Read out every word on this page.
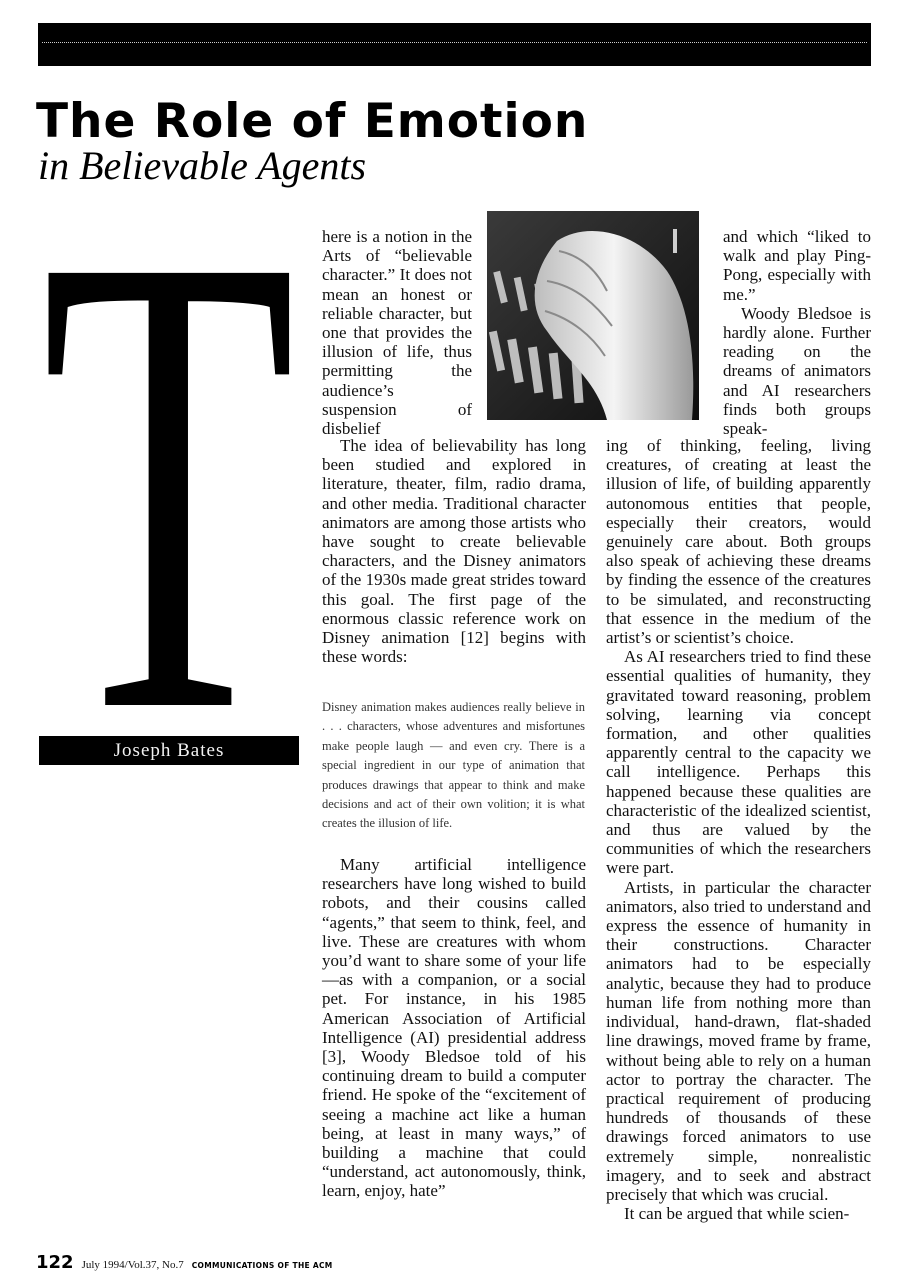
The Role of Emotion
in Believable Agents
T
Joseph Bates

here is a notion in the Arts of “believable character.” It does not mean an honest or reliable character, but one that provides the illusion of life, thus permitting the audience’s suspension of disbelief

The idea of believability has long been studied and explored in literature, theater, film, radio drama, and other media. Traditional character animators are among those artists who have sought to create believable characters, and the Disney animators of the 1930s made great strides toward this goal. The first page of the enormous classic reference work on Disney animation [12] begins with these words:

Disney animation makes audiences really believe in . . . characters, whose adventures and misfortunes make people laugh — and even cry. There is a special ingredient in our type of animation that produces drawings that appear to think and make decisions and act of their own volition; it is what creates the illusion of life.

Many artificial intelligence researchers have long wished to build robots, and their cousins called “agents,” that seem to think, feel, and live. These are creatures with whom you’d want to share some of your life—as with a companion, or a social pet. For instance, in his 1985 American Association of Artificial Intelligence (AI) presidential address [3], Woody Bledsoe told of his continuing dream to build a computer friend. He spoke of the “excitement of seeing a machine act like a human being, at least in many ways,” of building a machine that could “understand, act autonomously, think, learn, enjoy, hate”

and which “liked to walk and play Ping-Pong, especially with me.”

Woody Bledsoe is hardly alone. Further reading on the dreams of animators and AI researchers finds both groups speak-

ing of thinking, feeling, living creatures, of creating at least the illusion of life, of building apparently autonomous entities that people, especially their creators, would genuinely care about. Both groups also speak of achieving these dreams by finding the essence of the creatures to be simulated, and reconstructing that essence in the medium of the artist’s or scientist’s choice.

As AI researchers tried to find these essential qualities of humanity, they gravitated toward reasoning, problem solving, learning via concept formation, and other qualities apparently central to the capacity we call intelligence. Perhaps this happened because these qualities are characteristic of the idealized scientist, and thus are valued by the communities of which the researchers were part.

Artists, in particular the character animators, also tried to understand and express the essence of humanity in their constructions. Character animators had to be especially analytic, because they had to produce human life from nothing more than individual, hand-drawn, flat-shaded line drawings, moved frame by frame, without being able to rely on a human actor to portray the character. The practical requirement of producing hundreds of thousands of these drawings forced animators to use extremely simple, nonrealistic imagery, and to seek and abstract precisely that which was crucial.

It can be argued that while scien-

122 July 1994/Vol.37, No.7 COMMUNICATIONS OF THE ACM
